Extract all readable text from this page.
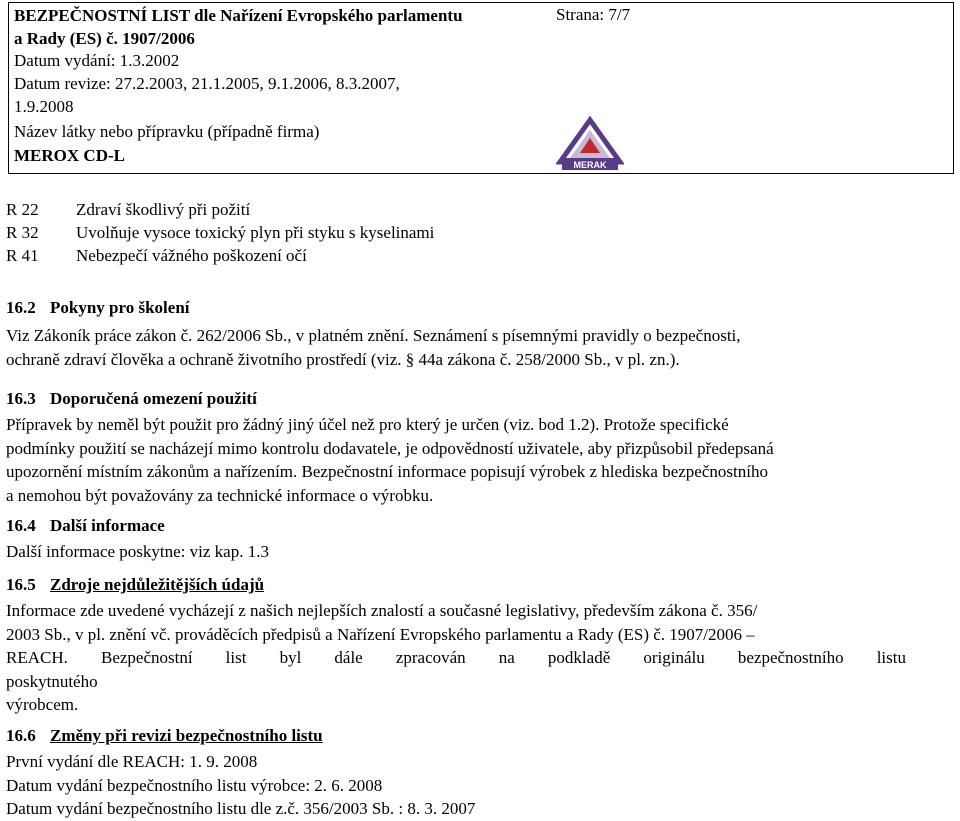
BEZPEČNOSTNÍ LIST dle Nařízení Evropského parlamentu
a Rady (ES) č. 1907/2006
Datum vydání: 1.3.2002
Datum revize: 27.2.2003, 21.1.2005, 9.1.2006, 8.3.2007,
1.9.2008
Název látky nebo přípravku (případně firma)
MEROX CD-L
Strana: 7/7
MERAK
R 22 Zdraví škodlivý při požití
R 32 Uvolňuje vysoce toxický plyn při styku s kyselinami
R 41 Nebezpečí vážného poškození očí
16.2 Pokyny pro školení
Viz Zákoník práce zákon č. 262/2006 Sb., v platném znění. Seznámení s písemnými pravidly o bezpečnosti,
ochraně zdraví člověka a ochraně životního prostředí (viz. § 44a zákona č. 258/2000 Sb., v pl. zn.).
16.3 Doporučená omezení použití
Přípravek by neměl být použit pro žádný jiný účel než pro který je určen (viz. bod 1.2). Protože specifické
podmínky použití se nacházejí mimo kontrolu dodavatele, je odpovědností uživatele, aby přizpůsobil předepsaná
upozornění místním zákonům a nařízením. Bezpečnostní informace popisují výrobek z hlediska bezpečnostního
a nemohou být považovány za technické informace o výrobku.
16.4 Další informace
Další informace poskytne: viz kap. 1.3
16.5 Zdroje nejdůležitějších údajů
Informace zde uvedené vycházejí z našich nejlepších znalostí a současné legislativy, především zákona č. 356/
2003 Sb., v pl. znění vč. prováděcích předpisů a Nařízení Evropského parlamentu a Rady (ES) č. 1907/2006 –
REACH. Bezpečnostní list byl dále zpracován na podkladě originálu bezpečnostního listu
poskytnutého
výrobcem.
16.6 Změny při revizi bezpečnostního listu
První vydání dle REACH: 1. 9. 2008
Datum vydání bezpečnostního listu výrobce: 2. 6. 2008
Datum vydání bezpečnostního listu dle z.č. 356/2003 Sb. : 8. 3. 2007
